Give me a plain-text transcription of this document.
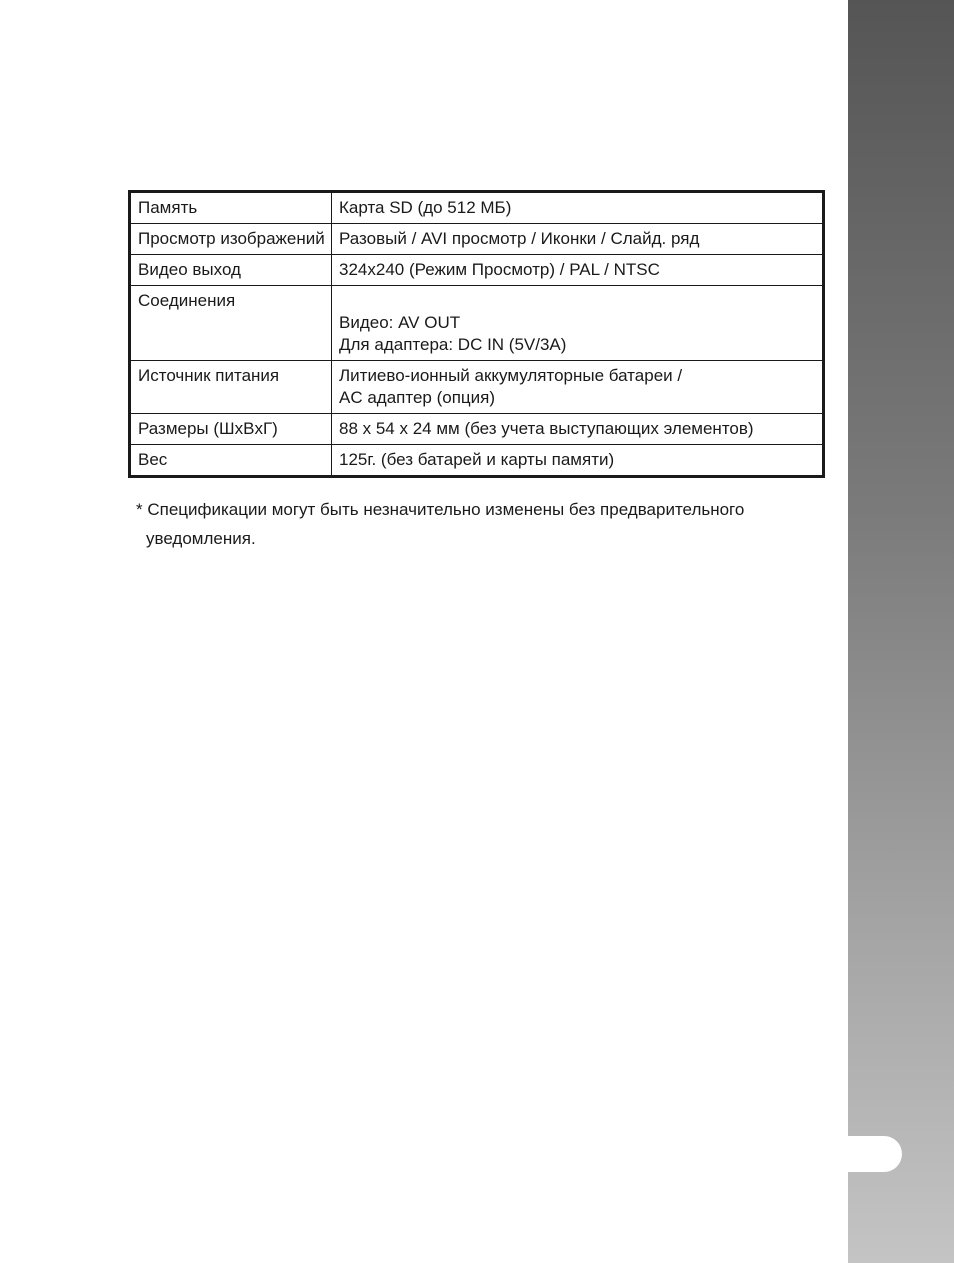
Память	Карта SD (до 512 МБ)
Просмотр изображений	Разовый / AVI просмотр / Иконки / Слайд. ряд
Видео выход	324x240 (Режим Просмотр) / PAL / NTSC
Соединения	Видео: AV OUT
Для адаптера: DC IN (5V/3A)

Источник питания	Литиево-ионный аккумуляторные батареи /
AC адаптер (опция)

Размеры (ШxВxГ)	88 x 54 x 24 мм (без учета выступающих элементов)
Вес	125г. (без батарей и карты памяти)
* Спецификации могут быть незначительно изменены без предварительного
уведомления.
